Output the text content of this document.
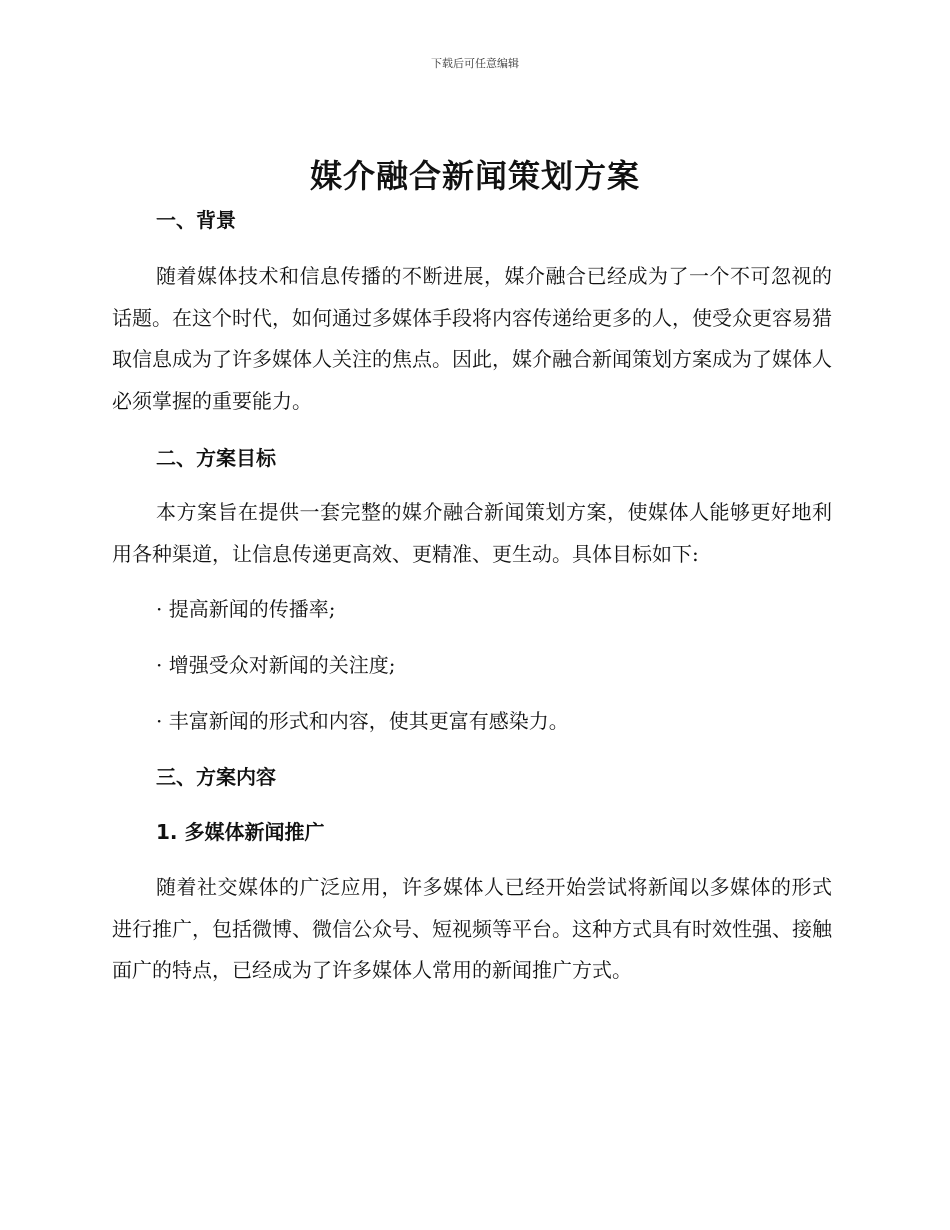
下载后可任意编辑
媒介融合新闻策划方案

一、背景

随着媒体技术和信息传播的不断进展，媒介融合已经成为了一个不可忽视的话题。在这个时代，如何通过多媒体手段将内容传递给更多的人，使受众更容易猎取信息成为了许多媒体人关注的焦点。因此，媒介融合新闻策划方案成为了媒体人必须掌握的重要能力。

二、方案目标

本方案旨在提供一套完整的媒介融合新闻策划方案，使媒体人能够更好地利用各种渠道，让信息传递更高效、更精准、更生动。具体目标如下:

· 提高新闻的传播率;

· 增强受众对新闻的关注度;

· 丰富新闻的形式和内容，使其更富有感染力。

三、方案内容

1. 多媒体新闻推广

随着社交媒体的广泛应用，许多媒体人已经开始尝试将新闻以多媒体的形式进行推广，包括微博、微信公众号、短视频等平台。这种方式具有时效性强、接触面广的特点，已经成为了许多媒体人常用的新闻推广方式。
